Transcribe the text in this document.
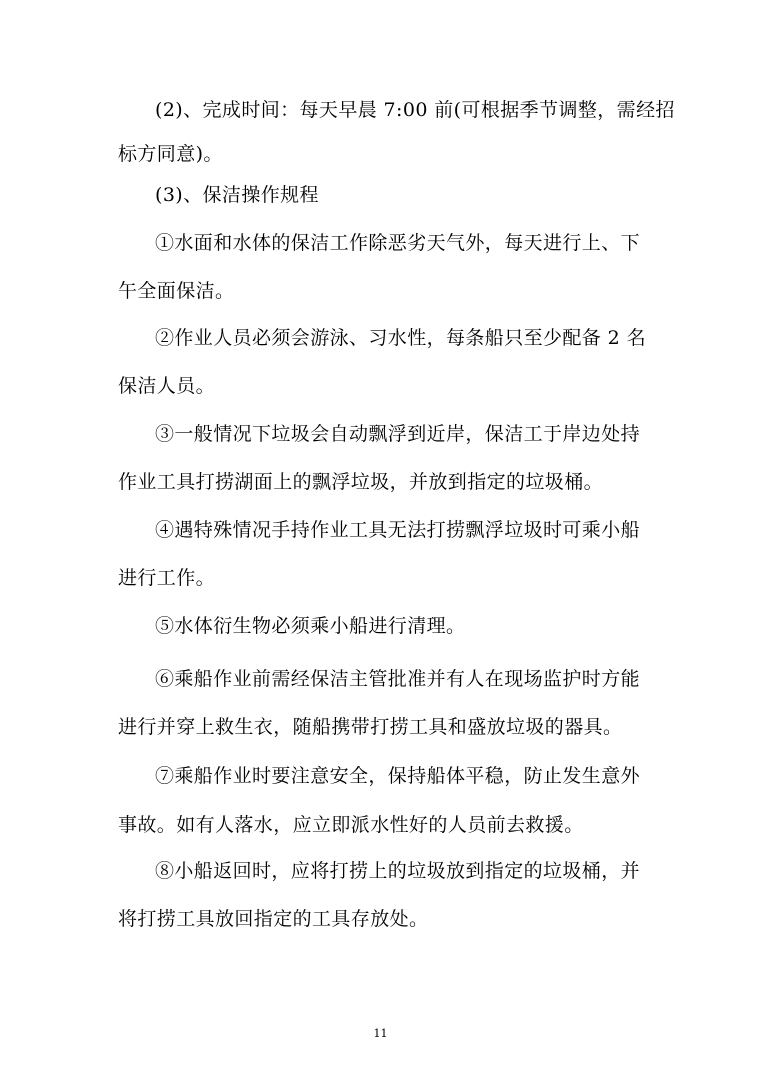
(2)、完成时间：每天早晨 7:00 前(可根据季节调整，需经招
标方同意)。
(3)、保洁操作规程
①水面和水体的保洁工作除恶劣天气外，每天进行上、下
午全面保洁。
②作业人员必须会游泳、习水性，每条船只至少配备 2 名
保洁人员。
③一般情况下垃圾会自动飘浮到近岸，保洁工于岸边处持
作业工具打捞湖面上的飘浮垃圾，并放到指定的垃圾桶。
④遇特殊情况手持作业工具无法打捞飘浮垃圾时可乘小船
进行工作。
⑤水体衍生物必须乘小船进行清理。
⑥乘船作业前需经保洁主管批准并有人在现场监护时方能
进行并穿上救生衣，随船携带打捞工具和盛放垃圾的器具。
⑦乘船作业时要注意安全，保持船体平稳，防止发生意外
事故。如有人落水，应立即派水性好的人员前去救援。
⑧小船返回时，应将打捞上的垃圾放到指定的垃圾桶，并
将打捞工具放回指定的工具存放处。
11
